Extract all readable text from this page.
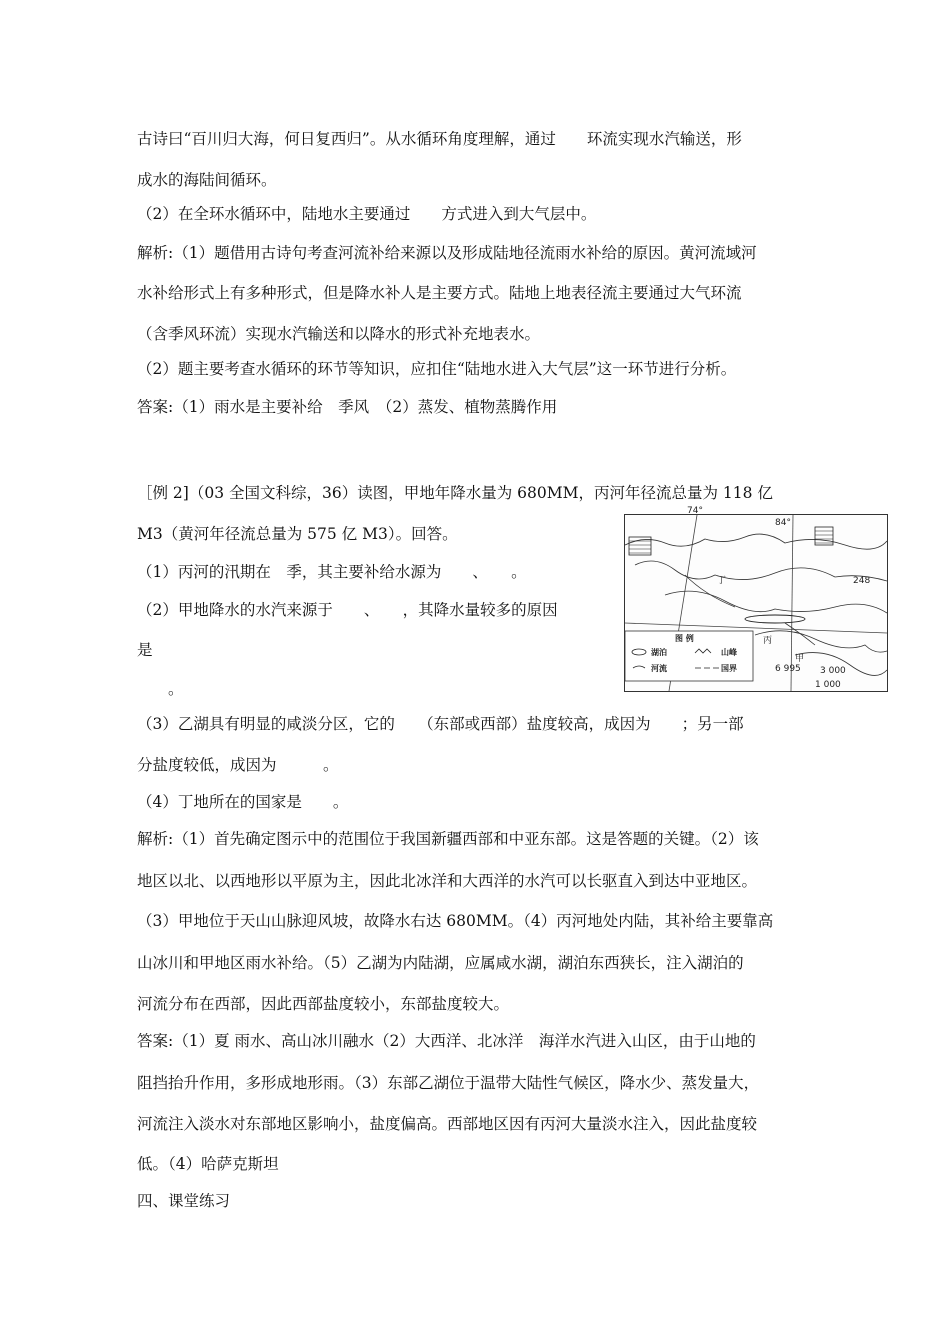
古诗曰“百川归大海，何日复西归”。从水循环角度理解，通过　　环流实现水汽输送，形
成水的海陆间循环。
（2）在全环水循环中，陆地水主要通过　　方式进入到大气层中。
解析:（1）题借用古诗句考查河流补给来源以及形成陆地径流雨水补给的原因。黄河流域河
水补给形式上有多种形式，但是降水补人是主要方式。陆地上地表径流主要通过大气环流
（含季风环流）实现水汽输送和以降水的形式补充地表水。
（2）题主要考查水循环的环节等知识，应扣住“陆地水进入大气层”这一环节进行分析。
答案:（1）雨水是主要补给　季风　（2）蒸发、植物蒸腾作用
［例 2]（03 全国文科综，36）读图，甲地年降水量为 680MM，丙河年径流总量为 118 亿
M3（黄河年径流总量为 575 亿 M3）。回答。
（1）丙河的汛期在　季，其主要补给水源为　　、　　。
（2）甲地降水的水汽来源于　　、　　，其降水量较多的原因
是
　　。
（3）乙湖具有明显的咸淡分区，它的　　（东部或西部）盐度较高，成因为　　；另一部
分盐度较低，成因为　　　。
（4）丁地所在的国家是　　。
解析:（1）首先确定图示中的范围位于我国新疆西部和中亚东部。这是答题的关键。（2）该
地区以北、以西地形以平原为主，因此北冰洋和大西洋的水汽可以长驱直入到达中亚地区。
（3）甲地位于天山山脉迎风坡，故降水右达 680MM。（4）丙河地处内陆，其补给主要靠高
山冰川和甲地区雨水补给。（5）乙湖为内陆湖，应属咸水湖，湖泊东西狭长，注入湖泊的
河流分布在西部，因此西部盐度较小，东部盐度较大。
答案:（1）夏 雨水、高山冰川融水（2）大西洋、北冰洋　海洋水汽进入山区，由于山地的
阻挡抬升作用，多形成地形雨。（3）东部乙湖位于温带大陆性气候区，降水少、蒸发量大，
河流注入淡水对东部地区影响小，盐度偏高。西部地区因有丙河大量淡水注入，因此盐度较
低。（4）哈萨克斯坦
四、课堂练习
74°
84°
丁
丙
甲
248
6 995 3 000
1 000
图 例
湖泊	山峰
河流	国界
